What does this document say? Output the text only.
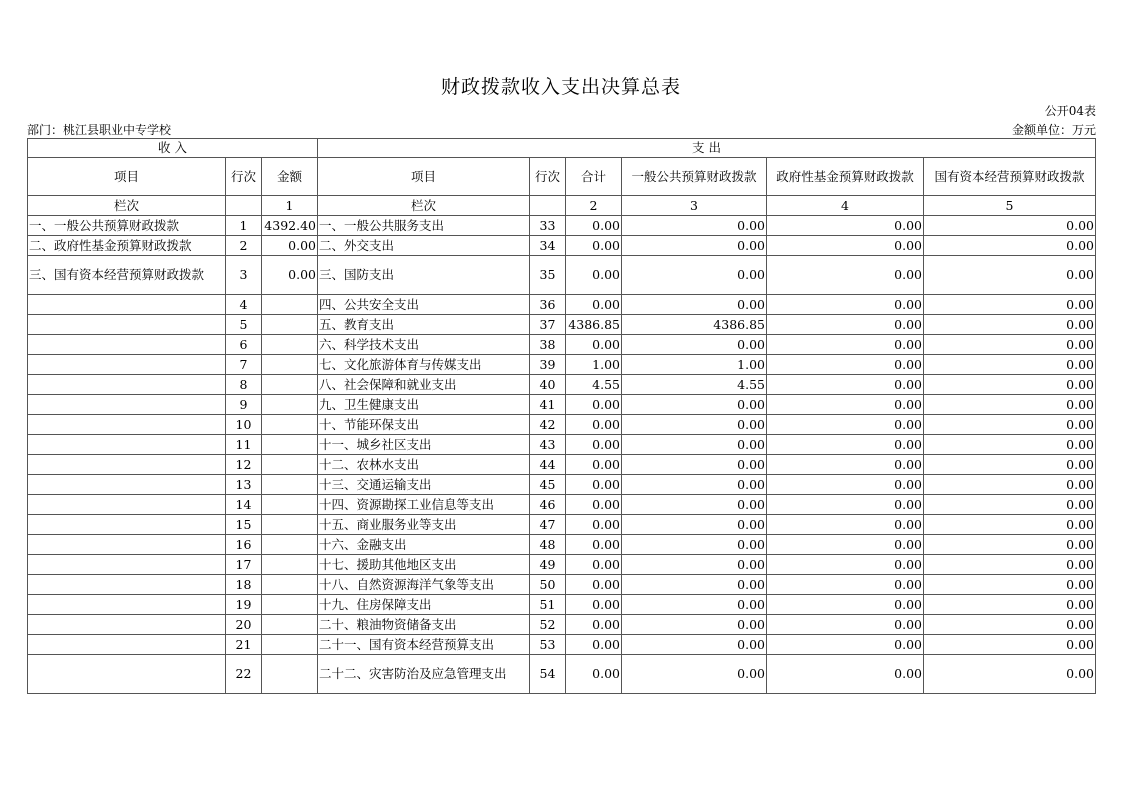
财政拨款收入支出决算总表
公开04表
部门：桃江县职业中专学校	金额单位：万元
收 入			支 出					
项目	行次	金额	项目	行次	合计	一般公共预算财政拨款	政府性基金预算财政拨款	国有资本经营预算财政拨款
栏次		1	栏次		2	3	4	5
一、一般公共预算财政拨款	1	4392.40	一、一般公共服务支出	33	0.00	0.00	0.00	0.00
二、政府性基金预算财政拨款	2	0.00	二、外交支出	34	0.00	0.00	0.00	0.00
三、国有资本经营预算财政拨款	3	0.00	三、国防支出	35	0.00	0.00	0.00	0.00
	4		四、公共安全支出	36	0.00	0.00	0.00	0.00
	5		五、教育支出	37	4386.85	4386.85	0.00	0.00
	6		六、科学技术支出	38	0.00	0.00	0.00	0.00
	7		七、文化旅游体育与传媒支出	39	1.00	1.00	0.00	0.00
	8		八、社会保障和就业支出	40	4.55	4.55	0.00	0.00
	9		九、卫生健康支出	41	0.00	0.00	0.00	0.00
	10		十、节能环保支出	42	0.00	0.00	0.00	0.00
	11		十一、城乡社区支出	43	0.00	0.00	0.00	0.00
	12		十二、农林水支出	44	0.00	0.00	0.00	0.00
	13		十三、交通运输支出	45	0.00	0.00	0.00	0.00
	14		十四、资源勘探工业信息等支出	46	0.00	0.00	0.00	0.00
	15		十五、商业服务业等支出	47	0.00	0.00	0.00	0.00
	16		十六、金融支出	48	0.00	0.00	0.00	0.00
	17		十七、援助其他地区支出	49	0.00	0.00	0.00	0.00
	18		十八、自然资源海洋气象等支出	50	0.00	0.00	0.00	0.00
	19		十九、住房保障支出	51	0.00	0.00	0.00	0.00
	20		二十、粮油物资储备支出	52	0.00	0.00	0.00	0.00
	21		二十一、国有资本经营预算支出	53	0.00	0.00	0.00	0.00
	22		二十二、灾害防治及应急管理支出	54	0.00	0.00	0.00	0.00
